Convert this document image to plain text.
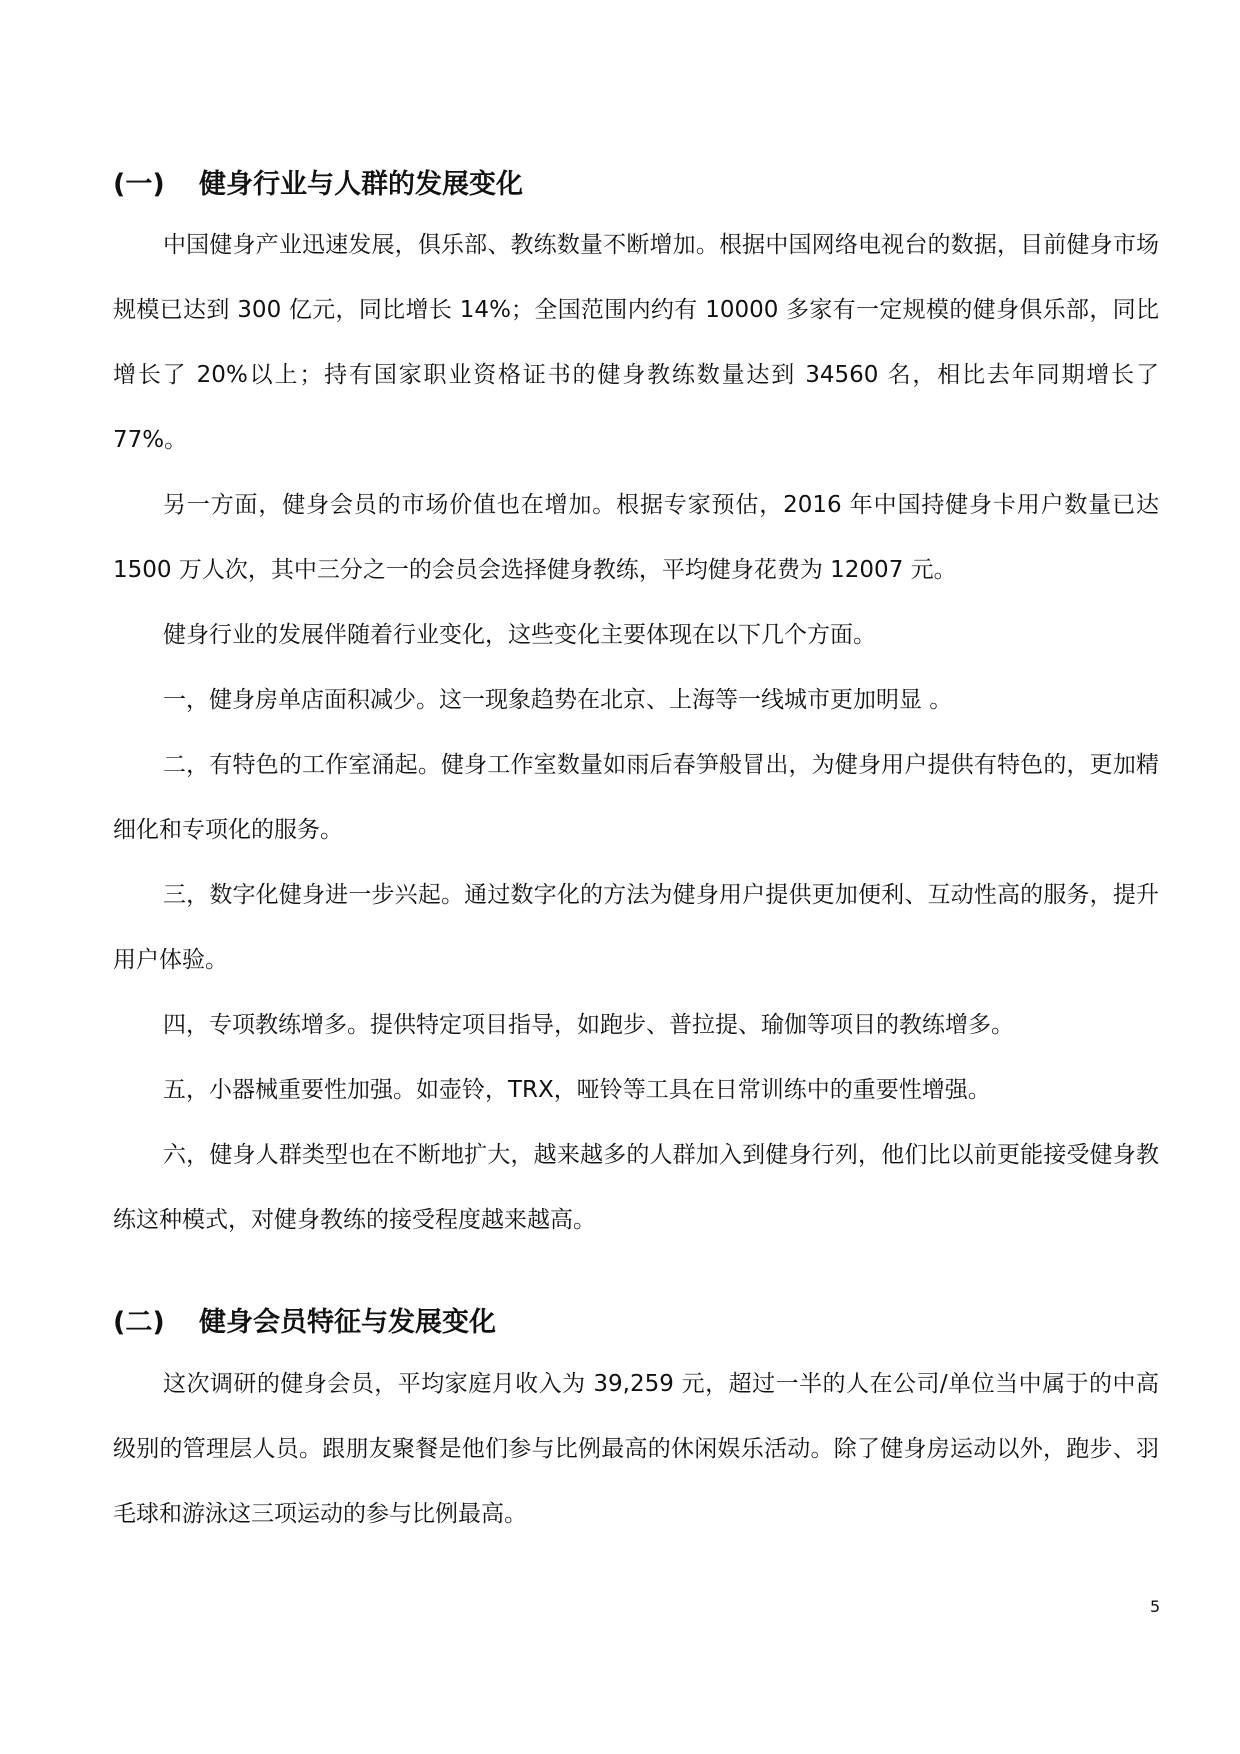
(一) 健身行业与人群的发展变化

中国健身产业迅速发展，俱乐部、教练数量不断增加。根据中国网络电视台的数据，目前健身市场规模已达到 300 亿元，同比增长 14%；全国范围内约有 10000 多家有一定规模的健身俱乐部，同比增长了 20%以上；持有国家职业资格证书的健身教练数量达到 34560 名，相比去年同期增长了 77%。

另一方面，健身会员的市场价值也在增加。根据专家预估，2016 年中国持健身卡用户数量已达 1500 万人次，其中三分之一的会员会选择健身教练，平均健身花费为 12007 元。

健身行业的发展伴随着行业变化，这些变化主要体现在以下几个方面。

一，健身房单店面积减少。这一现象趋势在北京、上海等一线城市更加明显 。

二，有特色的工作室涌起。健身工作室数量如雨后春笋般冒出，为健身用户提供有特色的，更加精细化和专项化的服务。

三，数字化健身进一步兴起。通过数字化的方法为健身用户提供更加便利、互动性高的服务，提升用户体验。

四，专项教练增多。提供特定项目指导，如跑步、普拉提、瑜伽等项目的教练增多。

五，小器械重要性加强。如壶铃，TRX，哑铃等工具在日常训练中的重要性增强。

六，健身人群类型也在不断地扩大，越来越多的人群加入到健身行列，他们比以前更能接受健身教练这种模式，对健身教练的接受程度越来越高。

(二) 健身会员特征与发展变化

这次调研的健身会员，平均家庭月收入为 39,259 元，超过一半的人在公司/单位当中属于的中高级别的管理层人员。跟朋友聚餐是他们参与比例最高的休闲娱乐活动。除了健身房运动以外，跑步、羽毛球和游泳这三项运动的参与比例最高。

5
